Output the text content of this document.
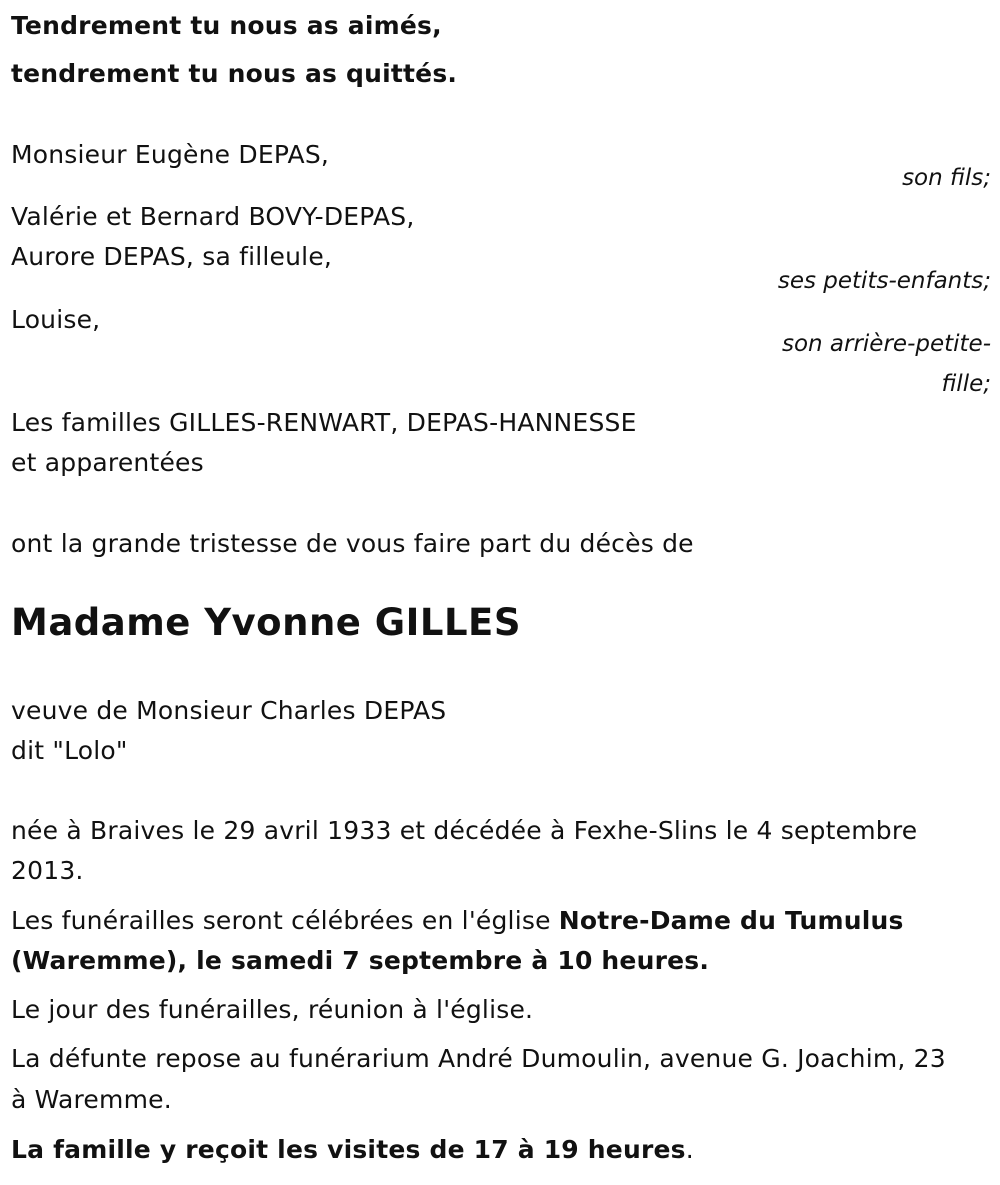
Tendrement tu nous as aimés,
tendrement tu nous as quittés.
Monsieur Eugène DEPAS,
son fils;
Valérie et Bernard BOVY-DEPAS,
Aurore DEPAS, sa filleule,
ses petits-enfants;
Louise,
son arrière-petite-
fille;
Les familles GILLES-RENWART, DEPAS-HANNESSE
et apparentées
ont la grande tristesse de vous faire part du décès de
Madame Yvonne GILLES
veuve de Monsieur Charles DEPAS
dit "Lolo"
née à Braives le 29 avril 1933 et décédée à Fexhe-Slins le 4 septembre
2013.
Les funérailles seront célébrées en l'église Notre-Dame du Tumulus
(Waremme), le samedi 7 septembre à 10 heures.
Le jour des funérailles, réunion à l'église.
La défunte repose au funérarium André Dumoulin, avenue G. Joachim, 23
à Waremme.
La famille y reçoit les visites de 17 à 19 heures.
